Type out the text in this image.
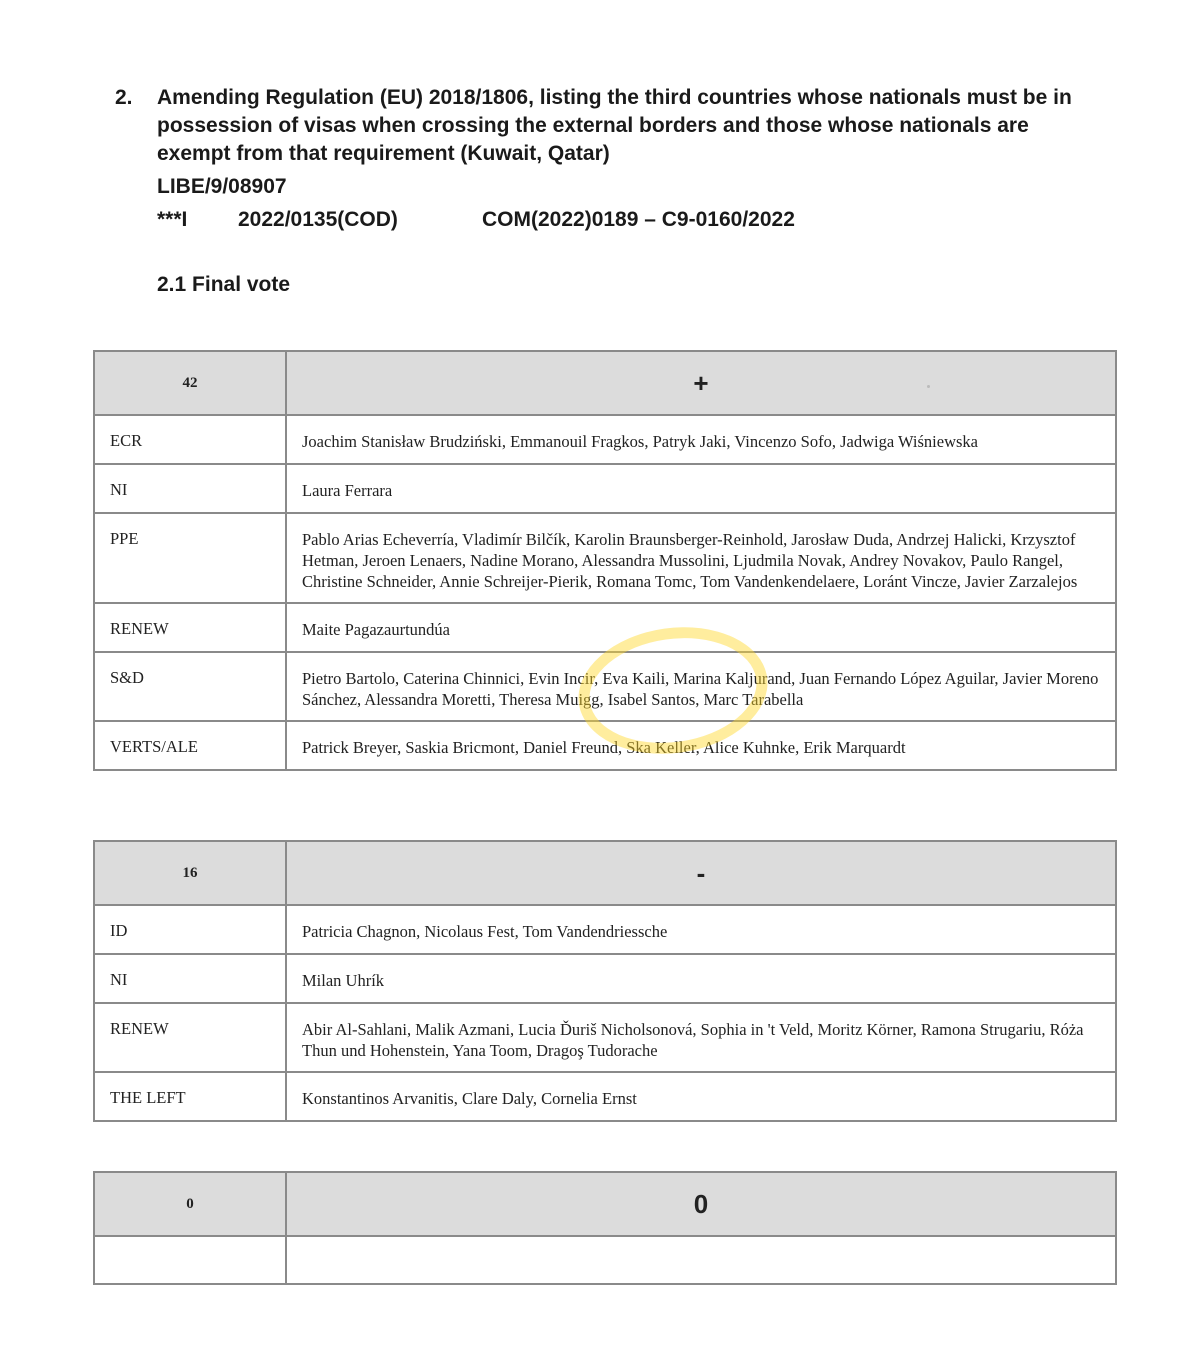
2. Amending Regulation (EU) 2018/1806, listing the third countries whose nationals must be in possession of visas when crossing the external borders and those whose nationals are exempt from that requirement (Kuwait, Qatar)
LIBE/9/08907
***I 2022/0135(COD)	COM(2022)0189 – C9-0160/2022
2.1 Final vote
42	+
ECR	Joachim Stanisław Brudziński, Emmanouil Fragkos, Patryk Jaki, Vincenzo Sofo, Jadwiga Wiśniewska
NI	Laura Ferrara
PPE	Pablo Arias Echeverría, Vladimír Bilčík, Karolin Braunsberger-Reinhold, Jarosław Duda, Andrzej Halicki, Krzysztof Hetman, Jeroen Lenaers, Nadine Morano, Alessandra Mussolini, Ljudmila Novak, Andrey Novakov, Paulo Rangel, Christine Schneider, Annie Schreijer-Pierik, Romana Tomc, Tom Vandenkendelaere, Loránt Vincze, Javier Zarzalejos
RENEW	Maite Pagazaurtundúa
S&D	Pietro Bartolo, Caterina Chinnici, Evin Incir, Eva Kaili, Marina Kaljurand, Juan Fernando López Aguilar, Javier Moreno Sánchez, Alessandra Moretti, Theresa Muigg, Isabel Santos, Marc Tarabella
VERTS/ALE	Patrick Breyer, Saskia Bricmont, Daniel Freund, Ska Keller, Alice Kuhnke, Erik Marquardt
16	-
ID	Patricia Chagnon, Nicolaus Fest, Tom Vandendriessche
NI	Milan Uhrík
RENEW	Abir Al-Sahlani, Malik Azmani, Lucia Ďuriš Nicholsonová, Sophia in 't Veld, Moritz Körner, Ramona Strugariu, Róża Thun und Hohenstein, Yana Toom, Dragoş Tudorache
THE LEFT	Konstantinos Arvanitis, Clare Daly, Cornelia Ernst
0	0
